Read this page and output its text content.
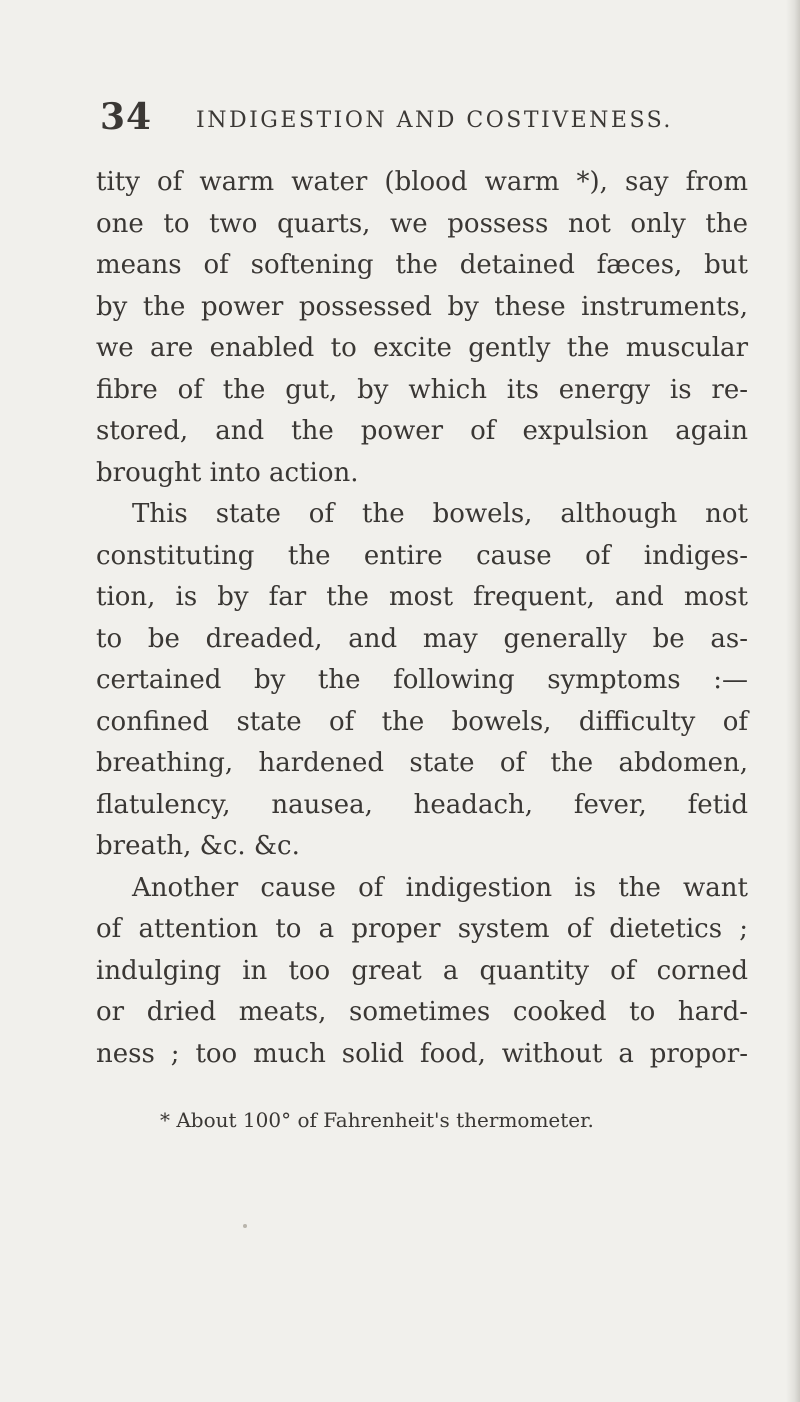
34 INDIGESTION AND COSTIVENESS.
tity of warm water (blood warm *), say from
one to two quarts, we possess not only the
means of softening the detained fæces, but
by the power possessed by these instruments,
we are enabled to excite gently the muscular
fibre of the gut, by which its energy is re-
stored, and the power of expulsion again
brought into action.
This state of the bowels, although not
constituting the entire cause of indiges-
tion, is by far the most frequent, and most
to be dreaded, and may generally be as-
certained by the following symptoms :—
confined state of the bowels, difficulty of
breathing, hardened state of the abdomen,
flatulency, nausea, headach, fever, fetid
breath, &c. &c.
Another cause of indigestion is the want
of attention to a proper system of dietetics ;
indulging in too great a quantity of corned
or dried meats, sometimes cooked to hard-
ness ; too much solid food, without a propor-
* About 100° of Fahrenheit's thermometer.
